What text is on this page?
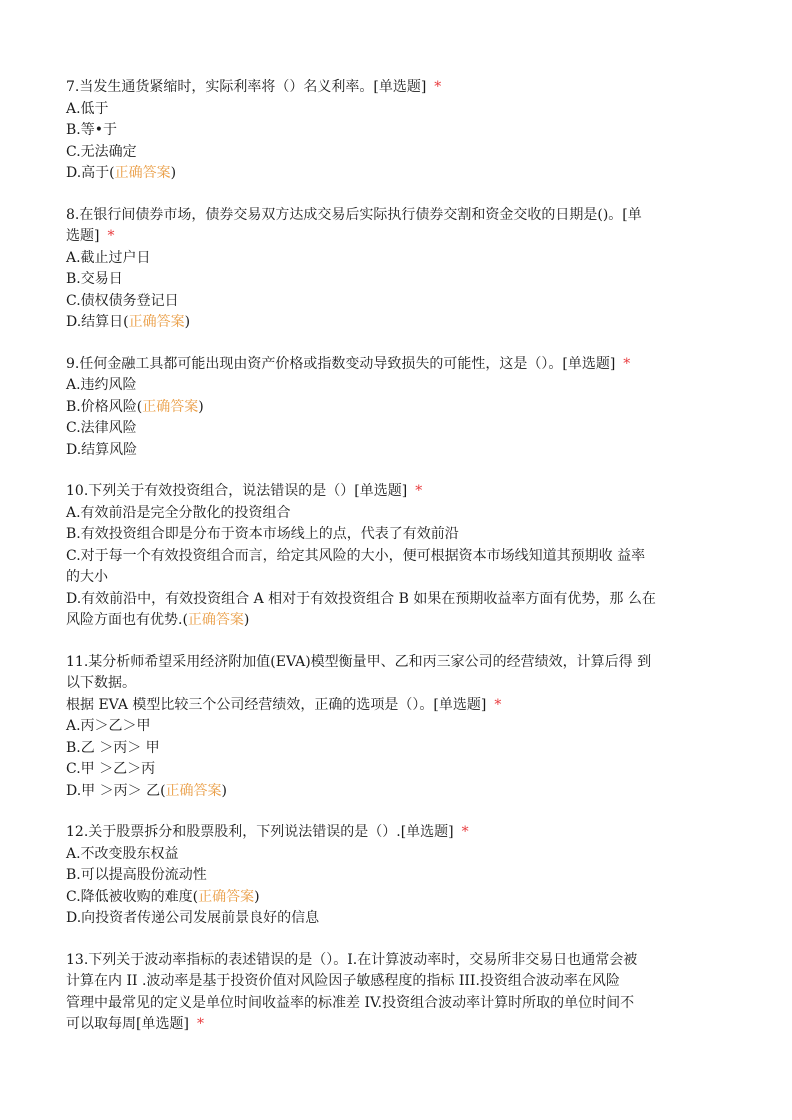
7.当发生通货紧缩时，实际利率将（）名义利率。[单选题] *
A.低于
B.等•于
C.无法确定
D.高于(正确答案)
8.在银行间债券市场，债券交易双方达成交易后实际执行债券交割和资金交收的日期是()。[单
选题] *
A.截止过户日
B.交易日
C.债权债务登记日
D.结算日(正确答案)
9.任何金融工具都可能出现由资产价格或指数变动导致损失的可能性，这是（）。[单选题] *
A.违约风险
B.价格风险(正确答案)
C.法律风险
D.结算风险
10.下列关于有效投资组合，说法错误的是（）[单选题] *
A.有效前沿是完全分散化的投资组合
B.有效投资组合即是分布于资本市场线上的点，代表了有效前沿
C.对于每一个有效投资组合而言，给定其风险的大小，便可根据资本市场线知道其预期收 益率
的大小
D.有效前沿中，有效投资组合 A 相对于有效投资组合 B 如果在预期收益率方面有优势，那 么在
风险方面也有优势.(正确答案)
11.某分析师希望采用经济附加值(EVA)模型衡量甲、乙和丙三家公司的经营绩效，计算后得 到
以下数据。
根据 EVA 模型比较三个公司经营绩效，正确的选项是（）。[单选题] *
A.丙＞乙＞甲
B.乙 ＞丙＞ 甲
C.甲 ＞乙＞丙
D.甲 ＞丙＞ 乙(正确答案)
12.关于股票拆分和股票股利，下列说法错误的是（）.[单选题] *
A.不改变股东权益
B.可以提高股份流动性
C.降低被收购的难度(正确答案)
D.向投资者传递公司发展前景良好的信息
13.下列关于波动率指标的表述错误的是（）。I.在计算波动率时，交易所非交易日也通常会被
计算在内 II .波动率是基于投资价值对风险因子敏感程度的指标 III.投资组合波动率在风险
管理中最常见的定义是单位时间收益率的标准差 IV.投资组合波动率计算时所取的单位时间不
可以取每周[单选题] *
